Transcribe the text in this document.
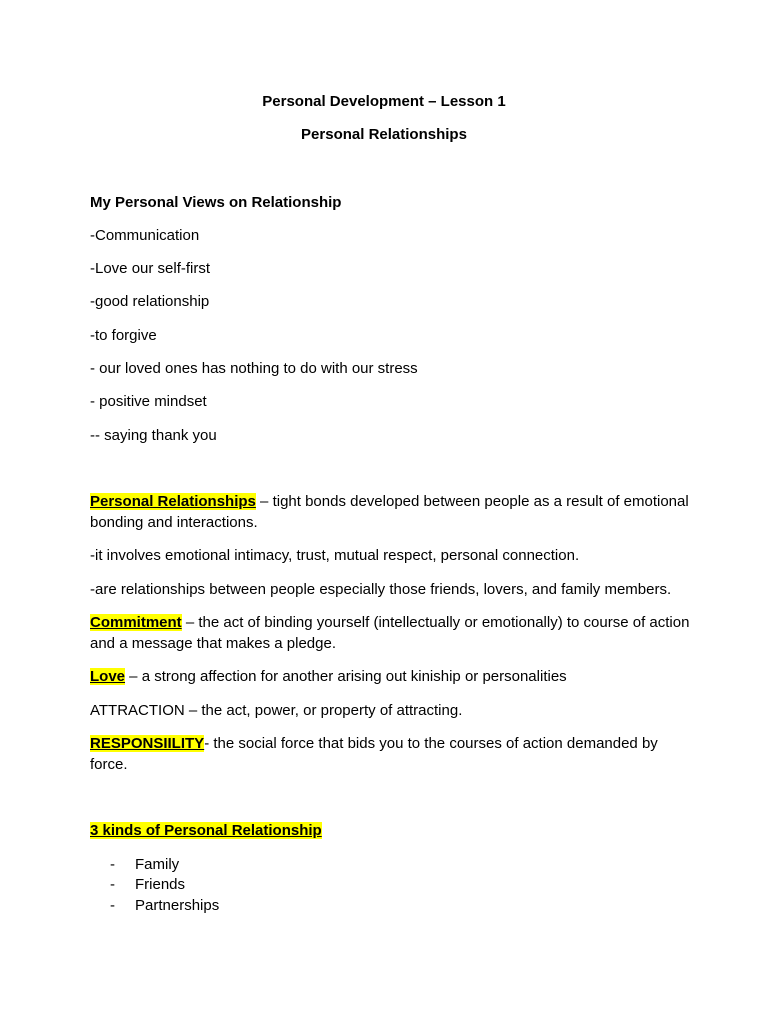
Personal Development – Lesson 1
Personal Relationships
My Personal Views on Relationship
-Communication
-Love our self-first
-good relationship
-to forgive
- our loved ones has nothing to do with our stress
- positive mindset
-- saying thank you
Personal Relationships – tight bonds developed between people as a result of emotional bonding and interactions.
-it involves emotional intimacy, trust, mutual respect, personal connection.
-are relationships between people especially those friends, lovers, and family members.
Commitment – the act of binding yourself (intellectually or emotionally) to course of action and a message that makes a pledge.
Love – a strong affection for another arising out kiniship or personalities
ATTRACTION – the act, power, or property of attracting.
RESPONSIILITY- the social force that bids you to the courses of action demanded by force.
3 kinds of Personal Relationship
- Family
- Friends
- Partnerships
